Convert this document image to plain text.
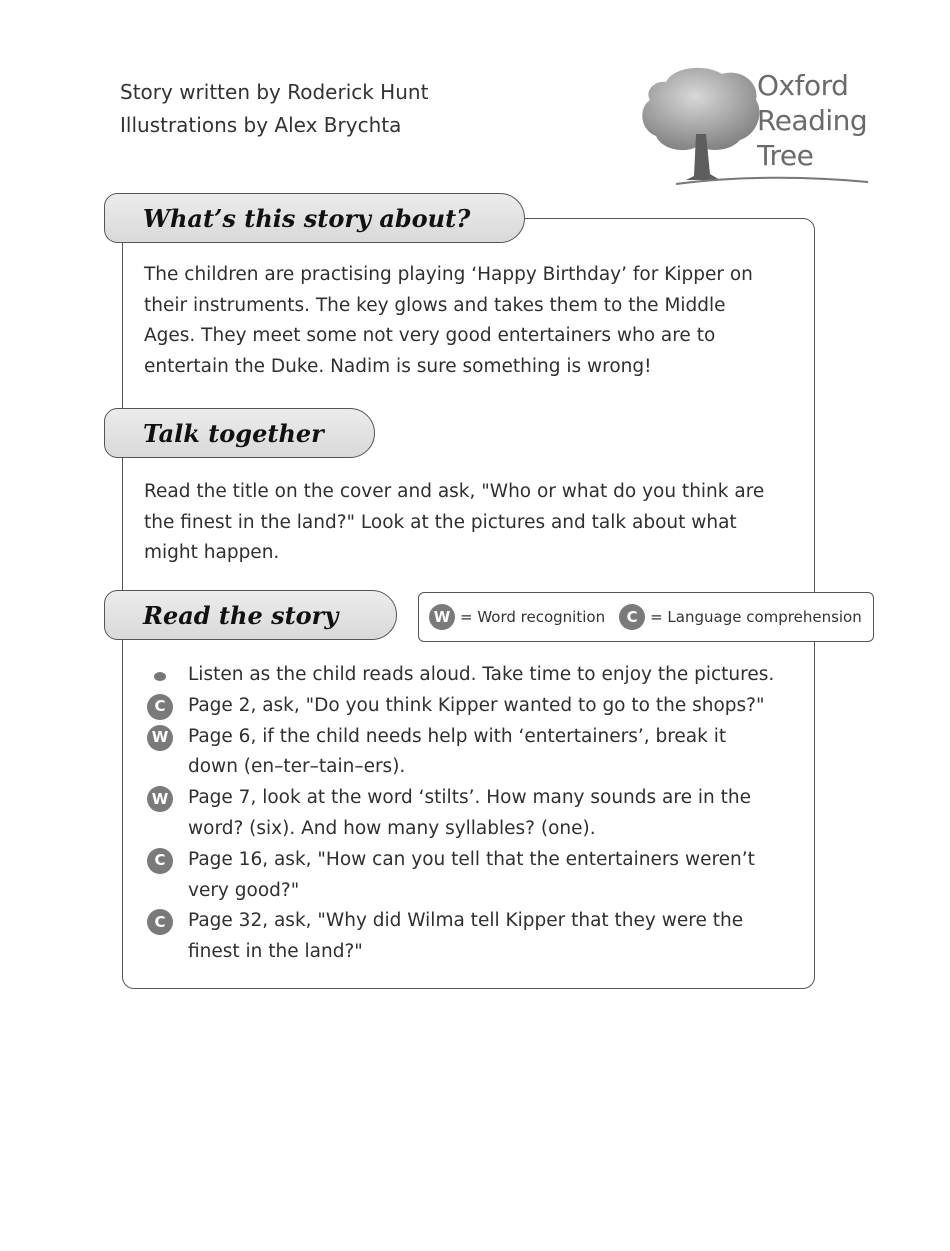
Story written by Roderick Hunt
Illustrations by Alex Brychta
Oxford
Reading
Tree
What’s this story about?
The children are practising playing ‘Happy Birthday’ for Kipper on
their instruments. The key glows and takes them to the Middle
Ages. They meet some not very good entertainers who are to
entertain the Duke. Nadim is sure something is wrong!
Talk together
Read the title on the cover and ask, "Who or what do you think are
the finest in the land?" Look at the pictures and talk about what
might happen.
Read the story	W = Word recognition	C = Language comprehension
Listen as the child reads aloud. Take time to enjoy the pictures.
C	Page 2, ask, "Do you think Kipper wanted to go to the shops?"
W Page 6, if the child needs help with ‘entertainers’, break it
down (en–ter–tain–ers).
W Page 7, look at the word ‘stilts’. How many sounds are in the
word? (six). And how many syllables? (one).
C	Page 16, ask, "How can you tell that the entertainers weren’t
very good?"
C	Page 32, ask, "Why did Wilma tell Kipper that they were the
finest in the land?"
